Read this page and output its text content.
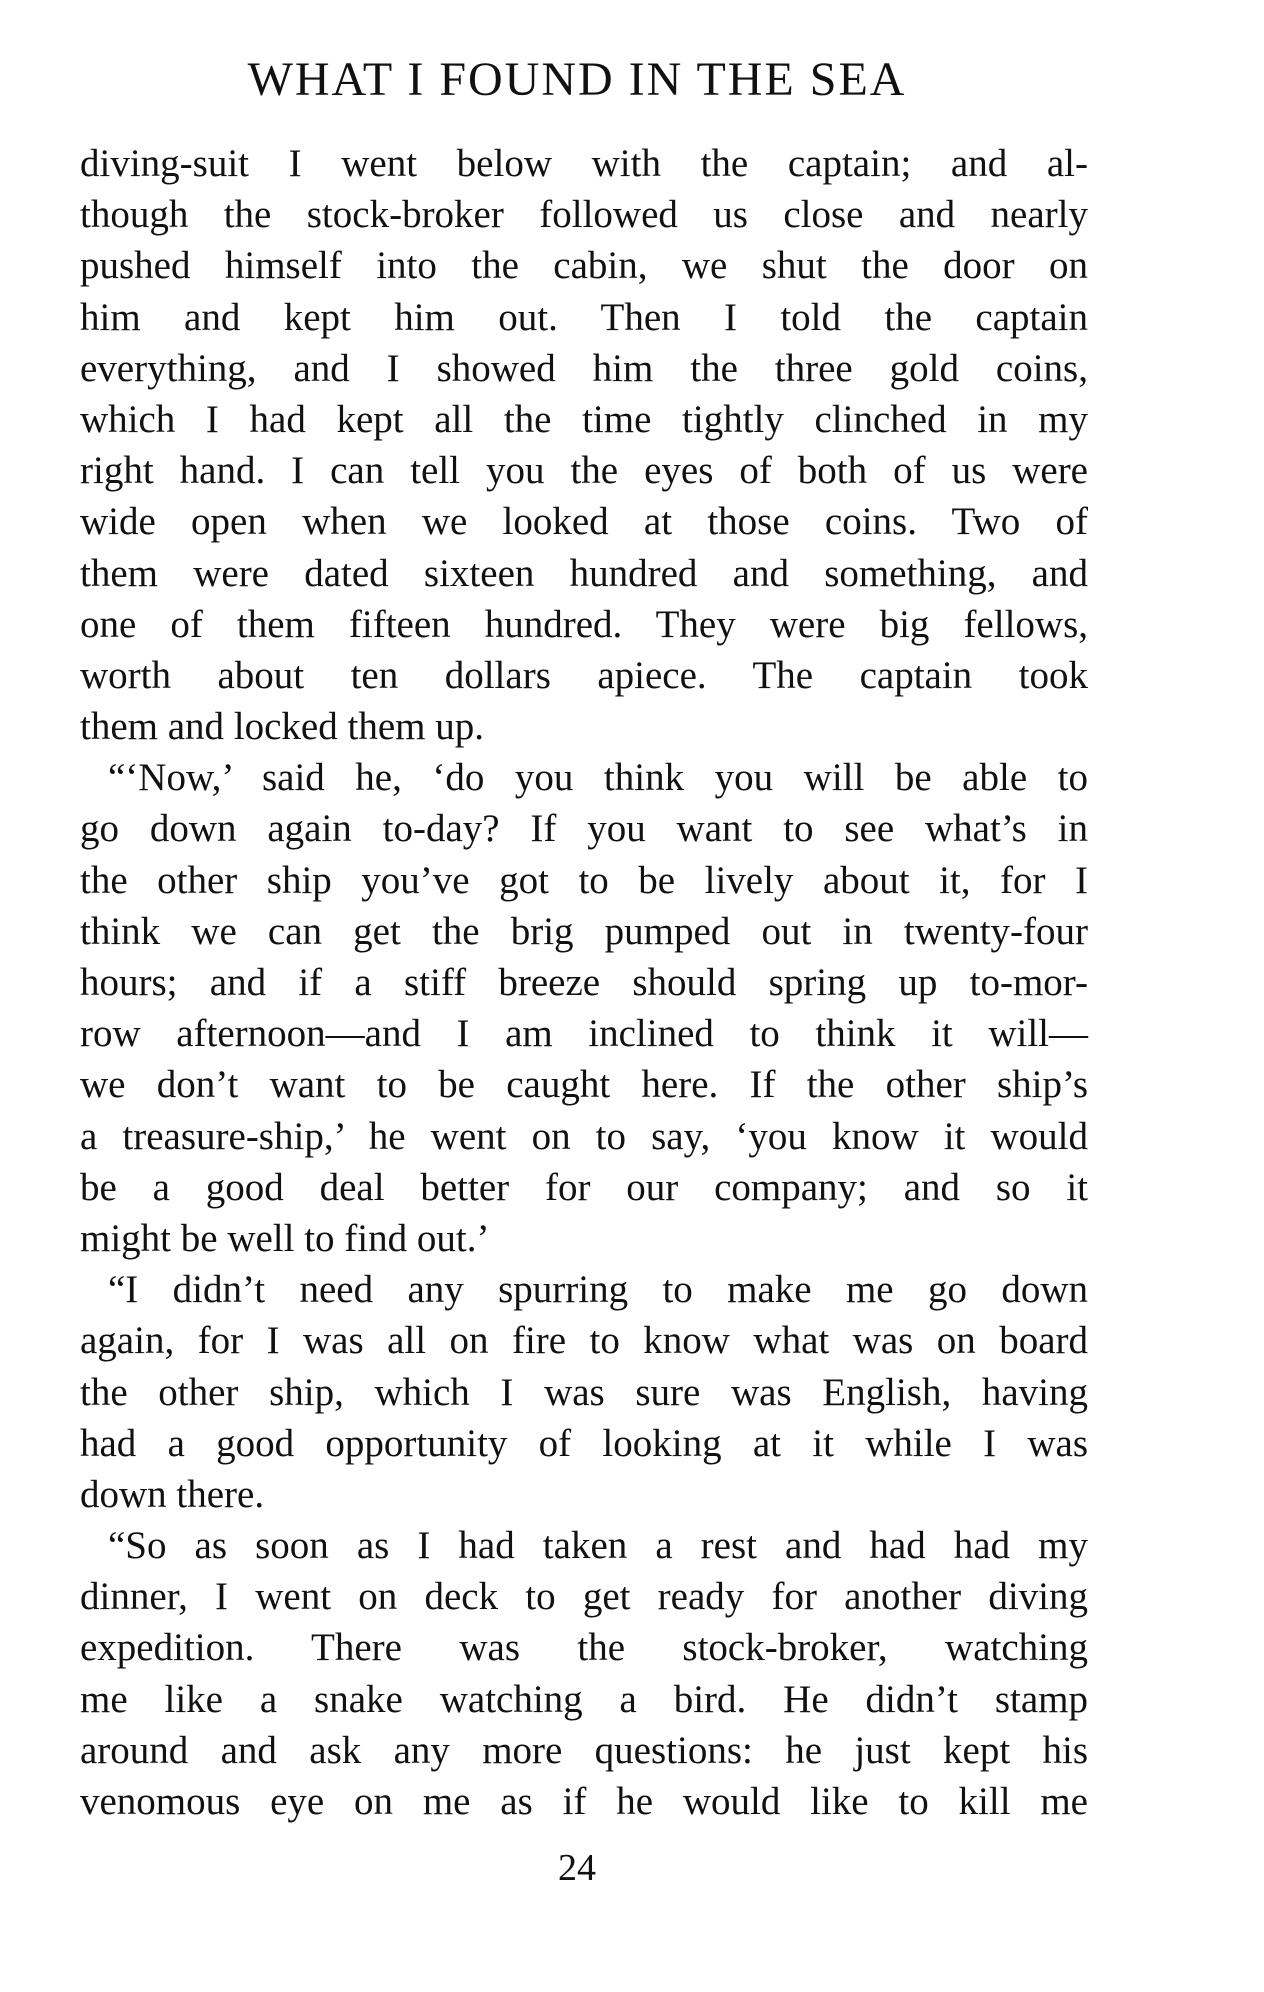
WHAT I FOUND IN THE SEA
diving-suit I went below with the captain; and al-
though the stock-broker followed us close and nearly
pushed himself into the cabin, we shut the door on
him and kept him out. Then I told the captain
everything, and I showed him the three gold coins,
which I had kept all the time tightly clinched in my
right hand. I can tell you the eyes of both of us were
wide open when we looked at those coins. Two of
them were dated sixteen hundred and something, and
one of them fifteen hundred. They were big fellows,
worth about ten dollars apiece. The captain took
them and locked them up.
“‘Now,’ said he, ‘do you think you will be able to
go down again to-day? If you want to see what’s in
the other ship you’ve got to be lively about it, for I
think we can get the brig pumped out in twenty-four
hours; and if a stiff breeze should spring up to-mor-
row afternoon—and I am inclined to think it will—
we don’t want to be caught here. If the other ship’s
a treasure-ship,’ he went on to say, ‘you know it would
be a good deal better for our company; and so it
might be well to find out.’
“I didn’t need any spurring to make me go down
again, for I was all on fire to know what was on board
the other ship, which I was sure was English, having
had a good opportunity of looking at it while I was
down there.
“So as soon as I had taken a rest and had had my
dinner, I went on deck to get ready for another diving
expedition. There was the stock-broker, watching
me like a snake watching a bird. He didn’t stamp
around and ask any more questions: he just kept his
venomous eye on me as if he would like to kill me
24
